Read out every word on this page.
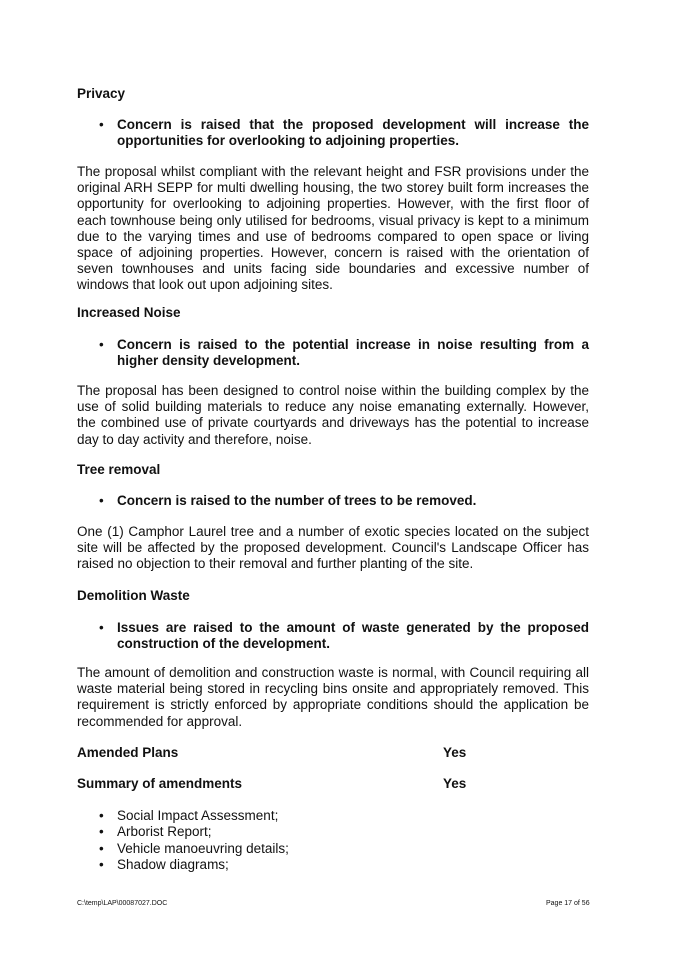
Privacy
• Concern is raised that the proposed development will increase the opportunities for overlooking to adjoining properties.
The proposal whilst compliant with the relevant height and FSR provisions under the original ARH SEPP for multi dwelling housing, the two storey built form increases the opportunity for overlooking to adjoining properties. However, with the first floor of each townhouse being only utilised for bedrooms, visual privacy is kept to a minimum due to the varying times and use of bedrooms compared to open space or living space of adjoining properties. However, concern is raised with the orientation of seven townhouses and units facing side boundaries and excessive number of windows that look out upon adjoining sites.
Increased Noise
• Concern is raised to the potential increase in noise resulting from a higher density development.
The proposal has been designed to control noise within the building complex by the use of solid building materials to reduce any noise emanating externally. However, the combined use of private courtyards and driveways has the potential to increase day to day activity and therefore, noise.
Tree removal
• Concern is raised to the number of trees to be removed.
One (1) Camphor Laurel tree and a number of exotic species located on the subject site will be affected by the proposed development. Council's Landscape Officer has raised no objection to their removal and further planting of the site.
Demolition Waste
• Issues are raised to the amount of waste generated by the proposed construction of the development.
The amount of demolition and construction waste is normal, with Council requiring all waste material being stored in recycling bins onsite and appropriately removed. This requirement is strictly enforced by appropriate conditions should the application be recommended for approval.
Amended Plans	Yes
Summary of amendments	Yes
• Social Impact Assessment;
• Arborist Report;
• Vehicle manoeuvring details;
• Shadow diagrams;
C:\temp\LAP\00087027.DOC	Page 17 of 56
